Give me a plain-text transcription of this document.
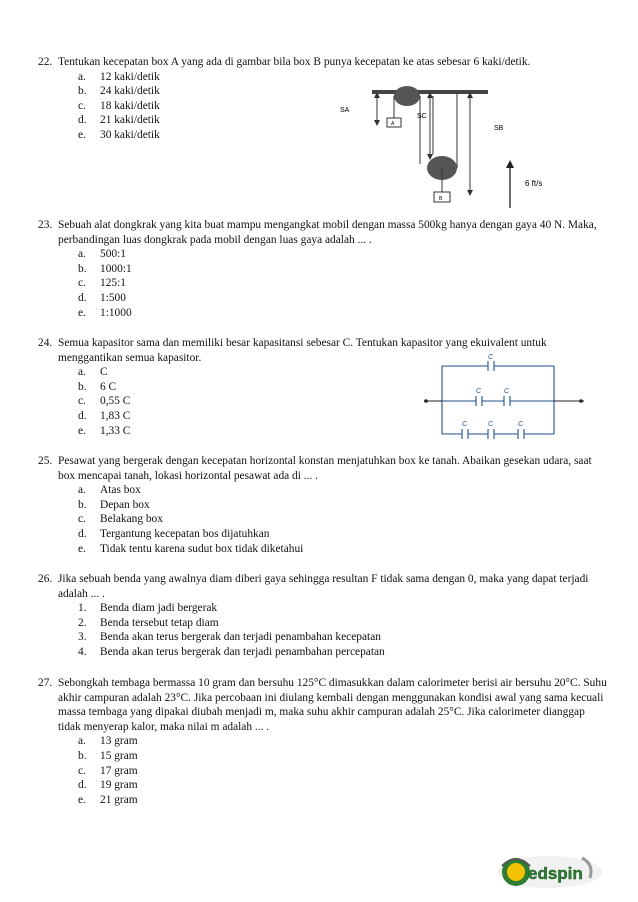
22. Tentukan kecepatan box A yang ada di gambar bila box B punya kecepatan ke atas sebesar 6 kaki/detik.
a.	12 kaki/detik
b.	24 kaki/detik
c.	18 kaki/detik
d.	21 kaki/detik
e.	30 kaki/detik
A
B
SA
SC
SB
6 ft/s
23. Sebuah alat dongkrak yang kita buat mampu mengangkat mobil dengan massa 500kg hanya dengan gaya 40 N. Maka, perbandingan luas dongkrak pada mobil dengan luas gaya adalah ... .
a.	500:1
b.	1000:1
c.	125:1
d.	1:500
e.	1:1000
24. Semua kapasitor sama dan memiliki besar kapasitansi sebesar C. Tentukan kapasitor yang ekuivalent untuk menggantikan semua kapasitor.
a.	C
b.	6 C
c.	0,55 C
d.	1,83 C
e.	1,33 C
C
C	C
C	C	C
25. Pesawat yang bergerak dengan kecepatan horizontal konstan menjatuhkan box ke tanah. Abaikan gesekan udara, saat box mencapai tanah, lokasi horizontal pesawat ada di ... .
a.	Atas box
b.	Depan box
c.	Belakang box
d.	Tergantung kecepatan bos dijatuhkan
e.	Tidak tentu karena sudut box tidak diketahui
26. Jika sebuah benda yang awalnya diam diberi gaya sehingga resultan F tidak sama dengan 0, maka yang dapat terjadi adalah ... .
1.	Benda diam jadi bergerak
2.	Benda tersebut tetap diam
3.	Benda akan terus bergerak dan terjadi penambahan kecepatan
4.	Benda akan terus bergerak dan terjadi penambahan percepatan
27. Sebongkah tembaga bermassa 10 gram dan bersuhu 125°C dimasukkan dalam calorimeter berisi air bersuhu 20°C. Suhu akhir campuran adalah 23°C. Jika percobaan ini diulang kembali dengan menggunakan kondisi awal yang sama kecuali massa tembaga yang dipakai diubah menjadi m, maka suhu akhir campuran adalah 25°C. Jika calorimeter dianggap tidak menyerap kalor, maka nilai m adalah ... .
a.	13 gram
b.	15 gram
c.	17 gram
d.	19 gram
e.	21 gram
edspin
